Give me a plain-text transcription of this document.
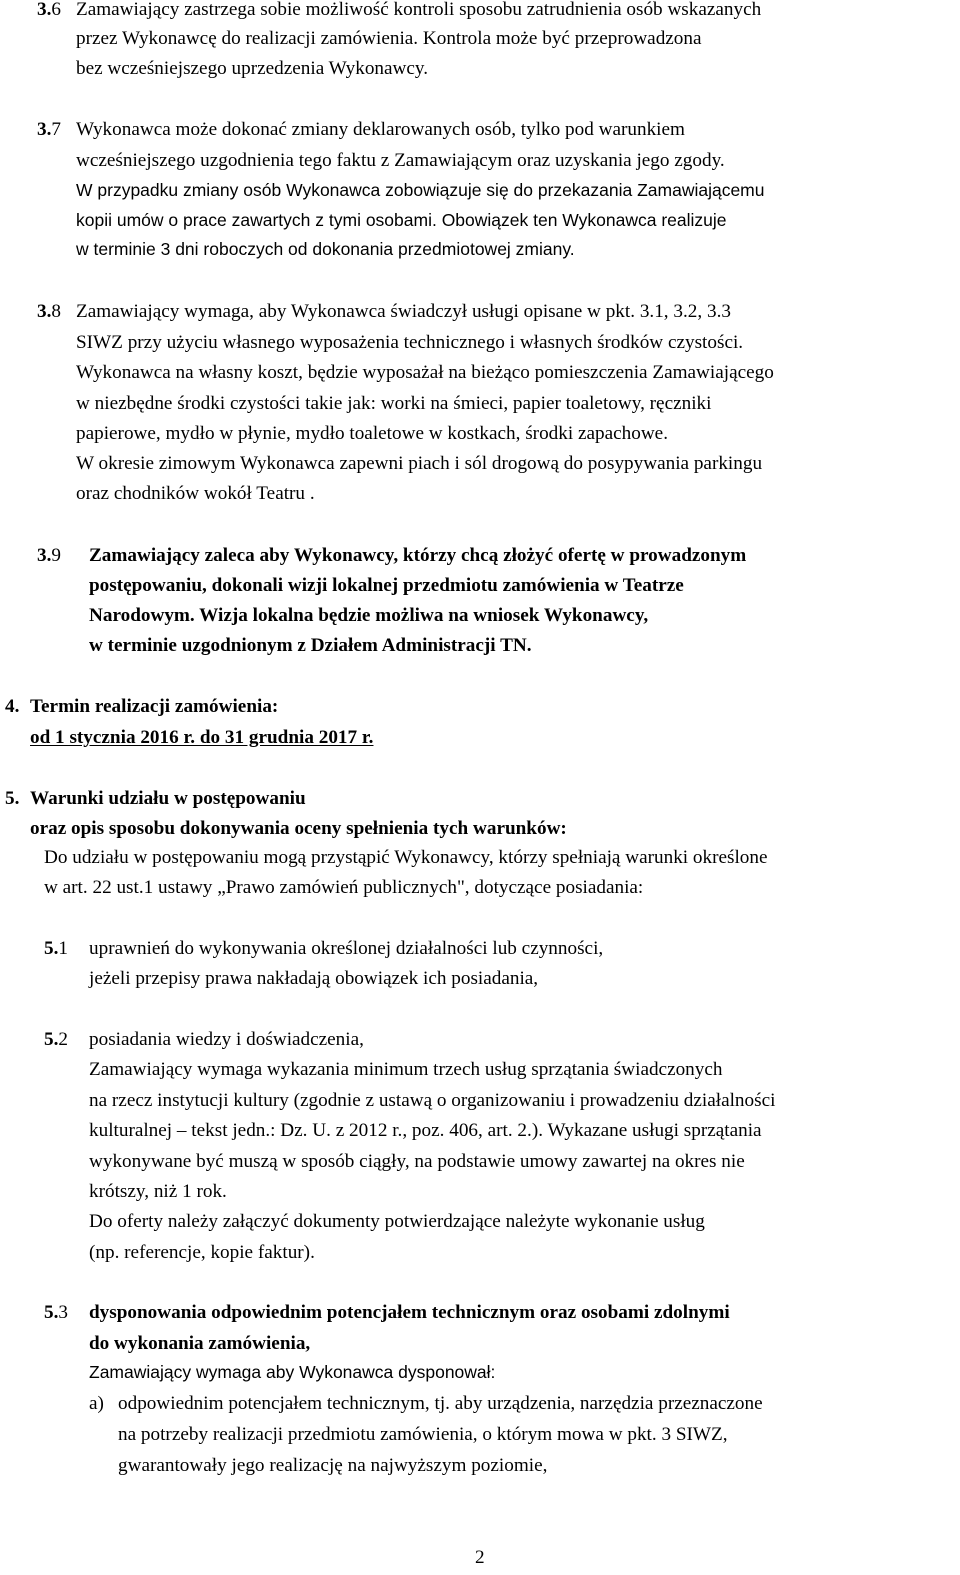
3.6 Zamawiający zastrzega sobie możliwość kontroli sposobu zatrudnienia osób wskazanych
przez Wykonawcę do realizacji zamówienia. Kontrola może być przeprowadzona
bez wcześniejszego uprzedzenia Wykonawcy.
3.7 Wykonawca może dokonać zmiany deklarowanych osób, tylko pod warunkiem
wcześniejszego uzgodnienia tego faktu z Zamawiającym oraz uzyskania jego zgody.
W przypadku zmiany osób Wykonawca zobowiązuje się do przekazania Zamawiającemu
kopii umów o prace zawartych z tymi osobami. Obowiązek ten Wykonawca realizuje
w terminie 3 dni roboczych od dokonania przedmiotowej zmiany.
3.8 Zamawiający wymaga, aby Wykonawca świadczył usługi opisane w pkt. 3.1, 3.2, 3.3
SIWZ przy użyciu własnego wyposażenia technicznego i własnych środków czystości.
Wykonawca na własny koszt, będzie wyposażał na bieżąco pomieszczenia Zamawiającego
w niezbędne środki czystości takie jak: worki na śmieci, papier toaletowy, ręczniki
papierowe, mydło w płynie, mydło toaletowe w kostkach, środki zapachowe.
W okresie zimowym Wykonawca zapewni piach i sól drogową do posypywania parkingu
oraz chodników wokół Teatru .
3.9 Zamawiający zaleca aby Wykonawcy, którzy chcą złożyć ofertę w prowadzonym
postępowaniu, dokonali wizji lokalnej przedmiotu zamówienia w Teatrze
Narodowym. Wizja lokalna będzie możliwa na wniosek Wykonawcy,
w terminie uzgodnionym z Działem Administracji TN.
4. Termin realizacji zamówienia:
od 1 stycznia 2016 r. do 31 grudnia 2017 r.
5. Warunki udziału w postępowaniu
oraz opis sposobu dokonywania oceny spełnienia tych warunków:
Do udziału w postępowaniu mogą przystąpić Wykonawcy, którzy spełniają warunki określone
w art. 22 ust.1 ustawy „Prawo zamówień publicznych", dotyczące posiadania:
5.1 uprawnień do wykonywania określonej działalności lub czynności,
jeżeli przepisy prawa nakładają obowiązek ich posiadania,
5.2 posiadania wiedzy i doświadczenia,
Zamawiający wymaga wykazania minimum trzech usług sprzątania świadczonych
na rzecz instytucji kultury (zgodnie z ustawą o organizowaniu i prowadzeniu działalności
kulturalnej – tekst jedn.: Dz. U. z 2012 r., poz. 406, art. 2.). Wykazane usługi sprzątania
wykonywane być muszą w sposób ciągły, na podstawie umowy zawartej na okres nie
krótszy, niż 1 rok.
Do oferty należy załączyć dokumenty potwierdzające należyte wykonanie usług
(np. referencje, kopie faktur).
5.3 dysponowania odpowiednim potencjałem technicznym oraz osobami zdolnymi
do wykonania zamówienia,
Zamawiający wymaga aby Wykonawca dysponował:
a) odpowiednim potencjałem technicznym, tj. aby urządzenia, narzędzia przeznaczone
na potrzeby realizacji przedmiotu zamówienia, o którym mowa w pkt. 3 SIWZ,
gwarantowały jego realizację na najwyższym poziomie,
2
